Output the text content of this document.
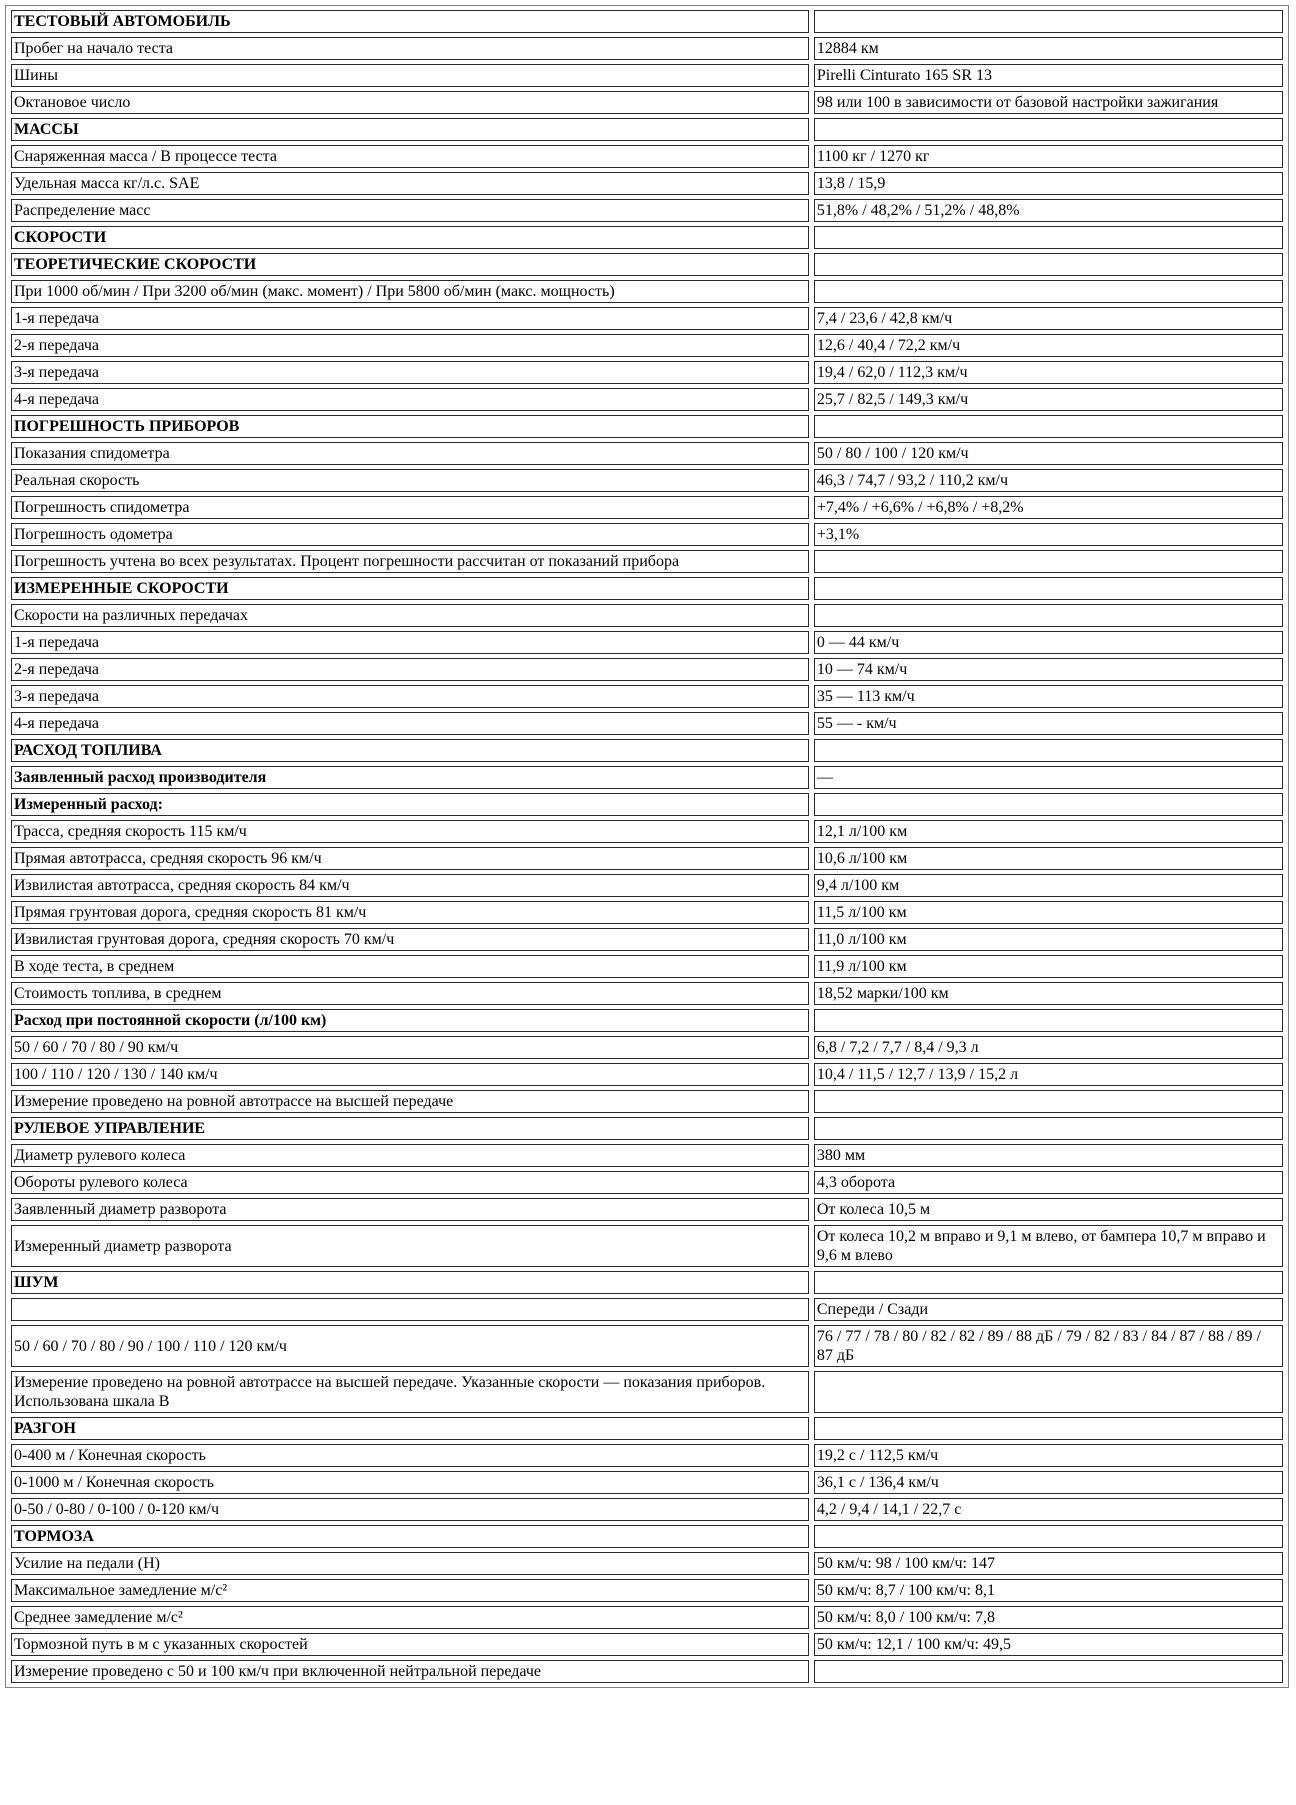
ТЕСТОВЫЙ АВТОМОБИЛЬ	
Пробег на начало теста	12884 км
Шины	Pirelli Cinturato 165 SR 13
Октановое число	98 или 100 в зависимости от базовой настройки зажигания
МАССЫ	
Снаряженная масса / В процессе теста	1100 кг / 1270 кг
Удельная масса кг/л.с. SAE	13,8 / 15,9
Распределение масс	51,8% / 48,2% / 51,2% / 48,8%
СКОРОСТИ	
ТЕОРЕТИЧЕСКИЕ СКОРОСТИ	
При 1000 об/мин / При 3200 об/мин (макс. момент) / При 5800 об/мин (макс. мощность)	
1-я передача	7,4 / 23,6 / 42,8 км/ч
2-я передача	12,6 / 40,4 / 72,2 км/ч
3-я передача	19,4 / 62,0 / 112,3 км/ч
4-я передача	25,7 / 82,5 / 149,3 км/ч
ПОГРЕШНОСТЬ ПРИБОРОВ	
Показания спидометра	50 / 80 / 100 / 120 км/ч
Реальная скорость	46,3 / 74,7 / 93,2 / 110,2 км/ч
Погрешность спидометра	+7,4% / +6,6% / +6,8% / +8,2%
Погрешность одометра	+3,1%
Погрешность учтена во всех результатах. Процент погрешности рассчитан от показаний прибора	
ИЗМЕРЕННЫЕ СКОРОСТИ	
Скорости на различных передачах	
1-я передача	0 — 44 км/ч
2-я передача	10 — 74 км/ч
3-я передача	35 — 113 км/ч
4-я передача	55 — - км/ч
РАСХОД ТОПЛИВА	
Заявленный расход производителя	—
Измеренный расход:	
Трасса, средняя скорость 115 км/ч	12,1 л/100 км
Прямая автотрасса, средняя скорость 96 км/ч	10,6 л/100 км
Извилистая автотрасса, средняя скорость 84 км/ч	9,4 л/100 км
Прямая грунтовая дорога, средняя скорость 81 км/ч	11,5 л/100 км
Извилистая грунтовая дорога, средняя скорость 70 км/ч	11,0 л/100 км
В ходе теста, в среднем	11,9 л/100 км
Стоимость топлива, в среднем	18,52 марки/100 км
Расход при постоянной скорости (л/100 км)	
50 / 60 / 70 / 80 / 90 км/ч	6,8 / 7,2 / 7,7 / 8,4 / 9,3 л
100 / 110 / 120 / 130 / 140 км/ч	10,4 / 11,5 / 12,7 / 13,9 / 15,2 л
Измерение проведено на ровной автотрассе на высшей передаче	
РУЛЕВОЕ УПРАВЛЕНИЕ	
Диаметр рулевого колеса	380 мм
Обороты рулевого колеса	4,3 оборота
Заявленный диаметр разворота	От колеса 10,5 м
Измеренный диаметр разворота	От колеса 10,2 м вправо и 9,1 м влево, от бампера 10,7 м вправо и 9,6 м влево
ШУМ	
	Спереди / Сзади
50 / 60 / 70 / 80 / 90 / 100 / 110 / 120 км/ч	76 / 77 / 78 / 80 / 82 / 82 / 89 / 88 дБ / 79 / 82 / 83 / 84 / 87 / 88 / 89 / 87 дБ
Измерение проведено на ровной автотрассе на высшей передаче. Указанные скорости — показания приборов. Использована шкала В	
РАЗГОН	
0-400 м / Конечная скорость	19,2 с / 112,5 км/ч
0-1000 м / Конечная скорость	36,1 с / 136,4 км/ч
0-50 / 0-80 / 0-100 / 0-120 км/ч	4,2 / 9,4 / 14,1 / 22,7 с
ТОРМОЗА	
Усилие на педали (Н)	50 км/ч: 98 / 100 км/ч: 147
Максимальное замедление м/с²	50 км/ч: 8,7 / 100 км/ч: 8,1
Среднее замедление м/с²	50 км/ч: 8,0 / 100 км/ч: 7,8
Тормозной путь в м с указанных скоростей	50 км/ч: 12,1 / 100 км/ч: 49,5
Измерение проведено с 50 и 100 км/ч при включенной нейтральной передаче	
